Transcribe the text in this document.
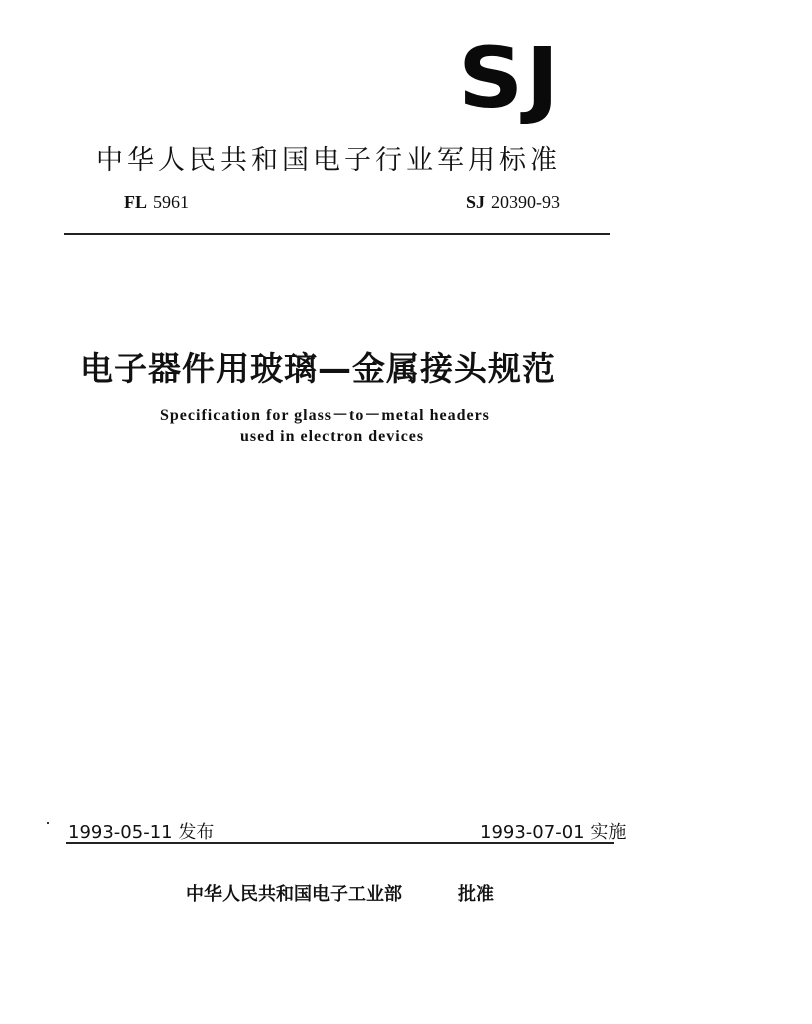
SJ
中华人民共和国电子行业军用标准
FL 5961	SJ 20390-93
电子器件用玻璃—金属接头规范
Specification for glass－to－metal headers
used in electron devices
1993-05-11 发布	1993-07-01 实施
中华人民共和国电子工业部	批准
